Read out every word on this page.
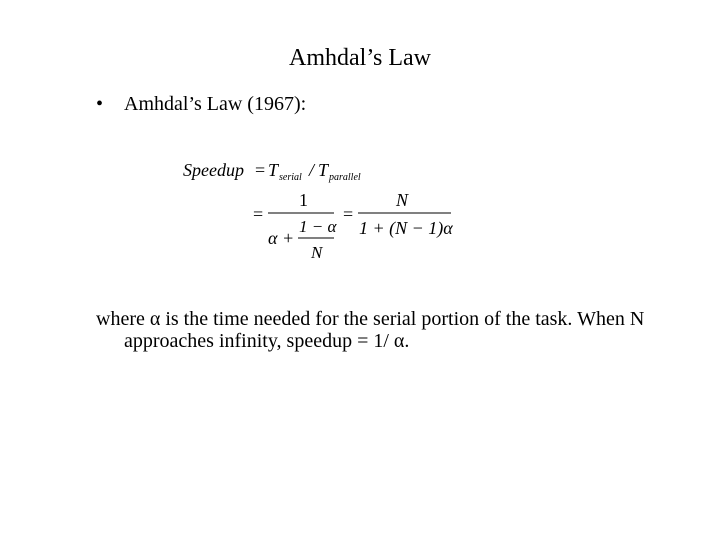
Amhdal’s Law
• Amhdal’s Law (1967):
Speedup = T serial / T parallel
=
1
α +
1 − α
N
=
N
1 + (N − 1)α
where α is the time needed for the serial portion of the task. When N
approaches infinity, speedup = 1/ α.
